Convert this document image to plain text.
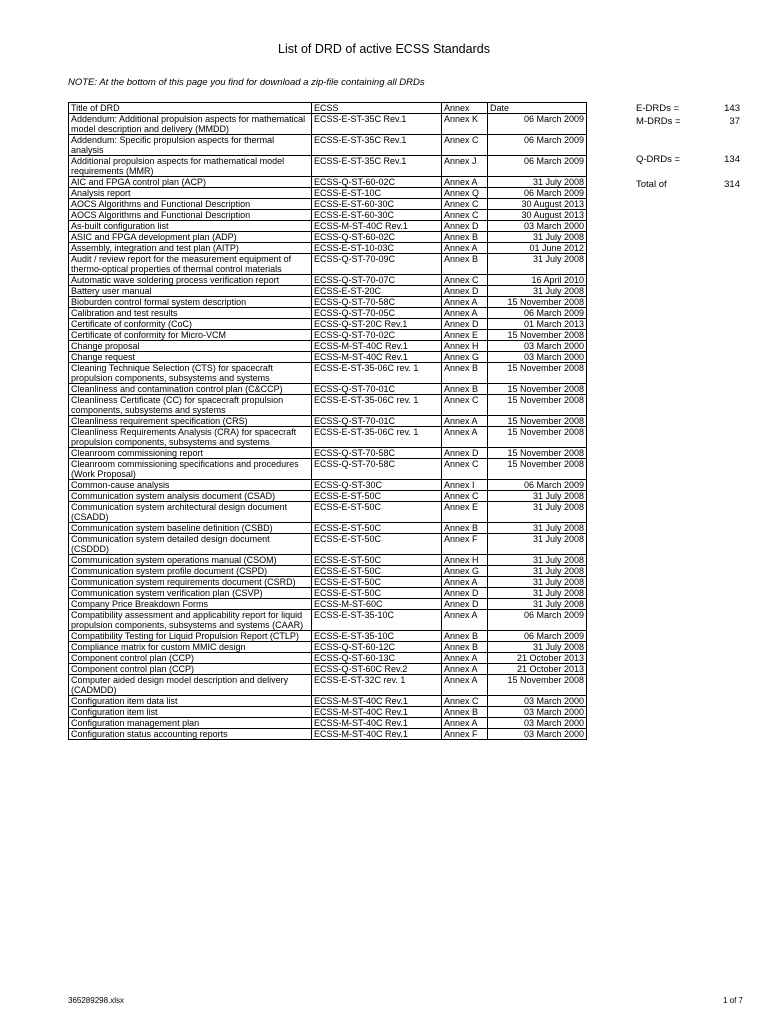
List of DRD of active ECSS Standards
NOTE: At the bottom of this page you find for download a zip-file containing all DRDs
Title of DRD	ECSS	Annex	Date
Addendum: Additional propulsion aspects for mathematical model description and delivery (MMDD)	ECSS-E-ST-35C Rev.1	Annex K	06 March 2009
Addendum: Specific propulsion aspects for thermal analysis	ECSS-E-ST-35C Rev.1	Annex C	06 March 2009
Additional propulsion aspects for mathematical model requirements (MMR)	ECSS-E-ST-35C Rev.1	Annex J	06 March 2009
AIC and FPGA control plan (ACP)	ECSS-Q-ST-60-02C	Annex A	31 July 2008
Analysis report	ECSS-E-ST-10C	Annex Q	06 March 2009
AOCS Algorithms and Functional Description	ECSS-E-ST-60-30C	Annex C	30 August 2013
AOCS Algorithms and Functional Description	ECSS-E-ST-60-30C	Annex C	30 August 2013
As-built configuration list	ECSS-M-ST-40C Rev.1	Annex D	03 March 2000
ASIC and FPGA development plan (ADP)	ECSS-Q-ST-60-02C	Annex B	31 July 2008
Assembly, integration and test plan (AITP)	ECSS-E-ST-10-03C	Annex A	01 June 2012
Audit / review report for the measurement equipment of thermo-optical properties of thermal control materials	ECSS-Q-ST-70-09C	Annex B	31 July 2008
Automatic wave soldering process verification report	ECSS-Q-ST-70-07C	Annex C	16 April 2010
Battery user manual	ECSS-E-ST-20C	Annex D	31 July 2008
Bioburden control formal system description	ECSS-Q-ST-70-58C	Annex A	15 November 2008
Calibration and test results	ECSS-Q-ST-70-05C	Annex A	06 March 2009
Certificate of conformity (CoC)	ECSS-Q-ST-20C Rev.1	Annex D	01 March 2013
Certificate of conformity for Micro-VCM	ECSS-Q-ST-70-02C	Annex E	15 November 2008
Change proposal	ECSS-M-ST-40C Rev.1	Annex H	03 March 2000
Change request	ECSS-M-ST-40C Rev.1	Annex G	03 March 2000
Cleaning Technique Selection (CTS) for spacecraft propulsion components, subsystems and systems	ECSS-E-ST-35-06C rev. 1	Annex B	15 November 2008
Cleanliness and contamination control plan (C&CCP)	ECSS-Q-ST-70-01C	Annex B	15 November 2008
Cleanliness Certificate (CC) for spacecraft propulsion components, subsystems and systems	ECSS-E-ST-35-06C rev. 1	Annex C	15 November 2008
Cleanliness requirement specification (CRS)	ECSS-Q-ST-70-01C	Annex A	15 November 2008
Cleanliness Requirements Analysis (CRA) for spacecraft propulsion components, subsystems and systems	ECSS-E-ST-35-06C rev. 1	Annex A	15 November 2008
Cleanroom commissioning report	ECSS-Q-ST-70-58C	Annex D	15 November 2008
Cleanroom commissioning specifications and procedures (Work Proposal)	ECSS-Q-ST-70-58C	Annex C	15 November 2008
Common-cause analysis	ECSS-Q-ST-30C	Annex I	06 March 2009
Communication system analysis document (CSAD)	ECSS-E-ST-50C	Annex C	31 July 2008
Communication system architectural design document (CSADD)	ECSS-E-ST-50C	Annex E	31 July 2008
Communication system baseline definition (CSBD)	ECSS-E-ST-50C	Annex B	31 July 2008
Communication system detailed design document (CSDDD)	ECSS-E-ST-50C	Annex F	31 July 2008
Communication system operations manual (CSOM)	ECSS-E-ST-50C	Annex H	31 July 2008
Communication system profile document (CSPD)	ECSS-E-ST-50C	Annex G	31 July 2008
Communication system requirements document (CSRD)	ECSS-E-ST-50C	Annex A	31 July 2008
Communication system verification plan (CSVP)	ECSS-E-ST-50C	Annex D	31 July 2008
Company Price Breakdown Forms	ECSS-M-ST-60C	Annex D	31 July 2008
Compatibility assessment and applicability report for liquid propulsion components, subsystems and systems (CAAR)	ECSS-E-ST-35-10C	Annex A	06 March 2009
Compatibility Testing for Liquid Propulsion Report (CTLP)	ECSS-E-ST-35-10C	Annex B	06 March 2009
Compliance matrix for custom MMIC design	ECSS-Q-ST-60-12C	Annex B	31 July 2008
Component control plan (CCP)	ECSS-Q-ST-60-13C	Annex A	21 October 2013
Component control plan (CCP)	ECSS-Q-ST-60C Rev.2	Annex A	21 October 2013
Computer aided design model description and delivery (CADMDD)	ECSS-E-ST-32C rev. 1	Annex A	15 November 2008
Configuration item data list	ECSS-M-ST-40C Rev.1	Annex C	03 March 2000
Configuration item list	ECSS-M-ST-40C Rev.1	Annex B	03 March 2000
Configuration management plan	ECSS-M-ST-40C Rev.1	Annex A	03 March 2000
Configuration status accounting reports	ECSS-M-ST-40C Rev.1	Annex F	03 March 2000
E-DRDs =	143
M-DRDs =	37
Q-DRDs =	134
Total of	314
365289298.xlsx	1 of 7
